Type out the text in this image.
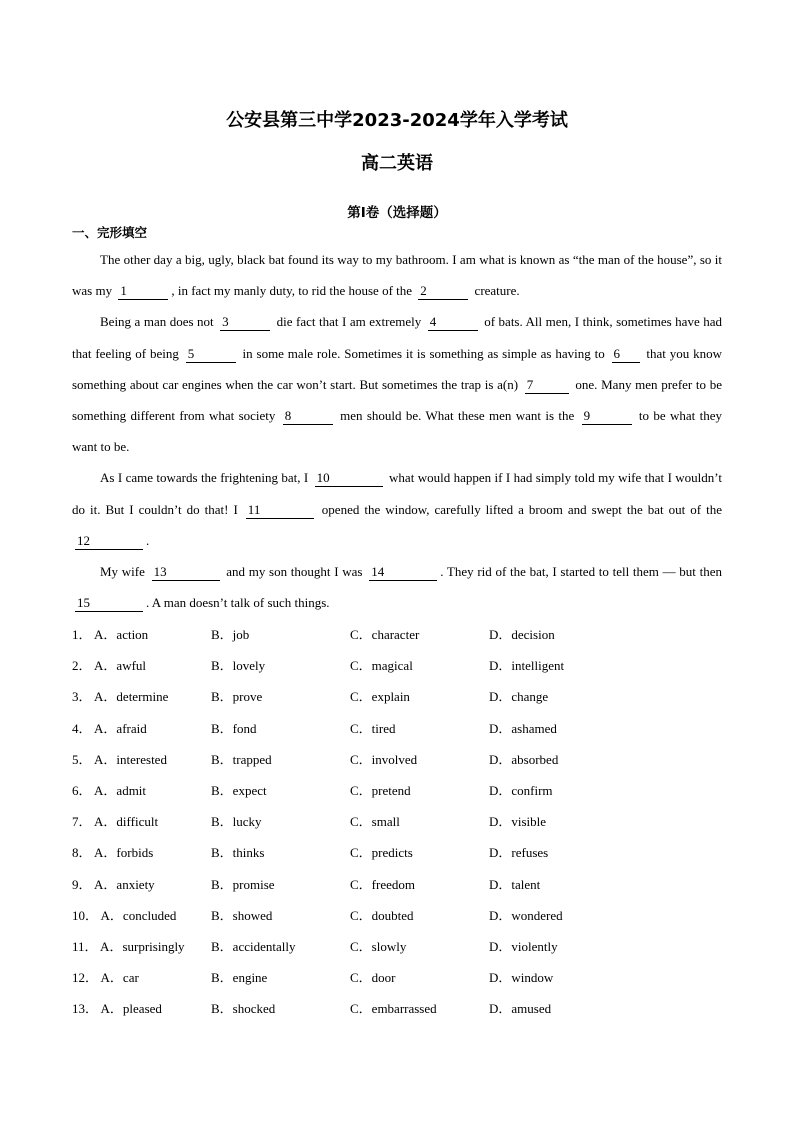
公安县第三中学2023-2024学年入学考试
高二英语
第I卷（选择题）
一、完形填空

The other day a big, ugly, black bat found its way to my bathroom. I am what is known as “the man of the house”, so it was my 1	, in fact my manly duty, to rid the house of the 2	creature.

Being a man does not 3	die fact that I am extremely 4	of bats. All men, I think, sometimes have had that feeling of being 5	in some male role. Sometimes it is something as simple as having to 6 that you know something about car engines when the car won’t start. But sometimes the trap is a(n) 7	one. Many men prefer to be something different from what society 8	men should be. What these men want is the 9	to be what they want to be.

As I came towards the frightening bat, I 10	what would happen if I had simply told my wife that I wouldn’t do it. But I couldn’t do that! I 11	opened the window, carefully lifted a broom and swept the bat out of the 12	.

My wife 13	and my son thought I was 14	. They rid of the bat, I started to tell them — but then 15	. A man doesn’t talk of such things.

1． A．action	B．job	C．character	D．decision
2． A．awful	B．lovely	C．magical	D．intelligent
3． A．determine	B．prove	C．explain	D．change
4． A．afraid	B．fond	C．tired	D．ashamed
5． A．interested	B．trapped	C．involved	D．absorbed
6． A．admit	B．expect	C．pretend	D．confirm
7． A．difficult	B．lucky	C．small	D．visible
8． A．forbids	B．thinks	C．predicts	D．refuses
9． A．anxiety	B．promise	C．freedom	D．talent
10． A．concluded	B．showed	C．doubted	D．wondered
11． A．surprisingly	B．accidentally	C．slowly	D．violently
12． A．car	B．engine	C．door	D．window
13． A．pleased	B．shocked	C．embarrassed	D．amused
